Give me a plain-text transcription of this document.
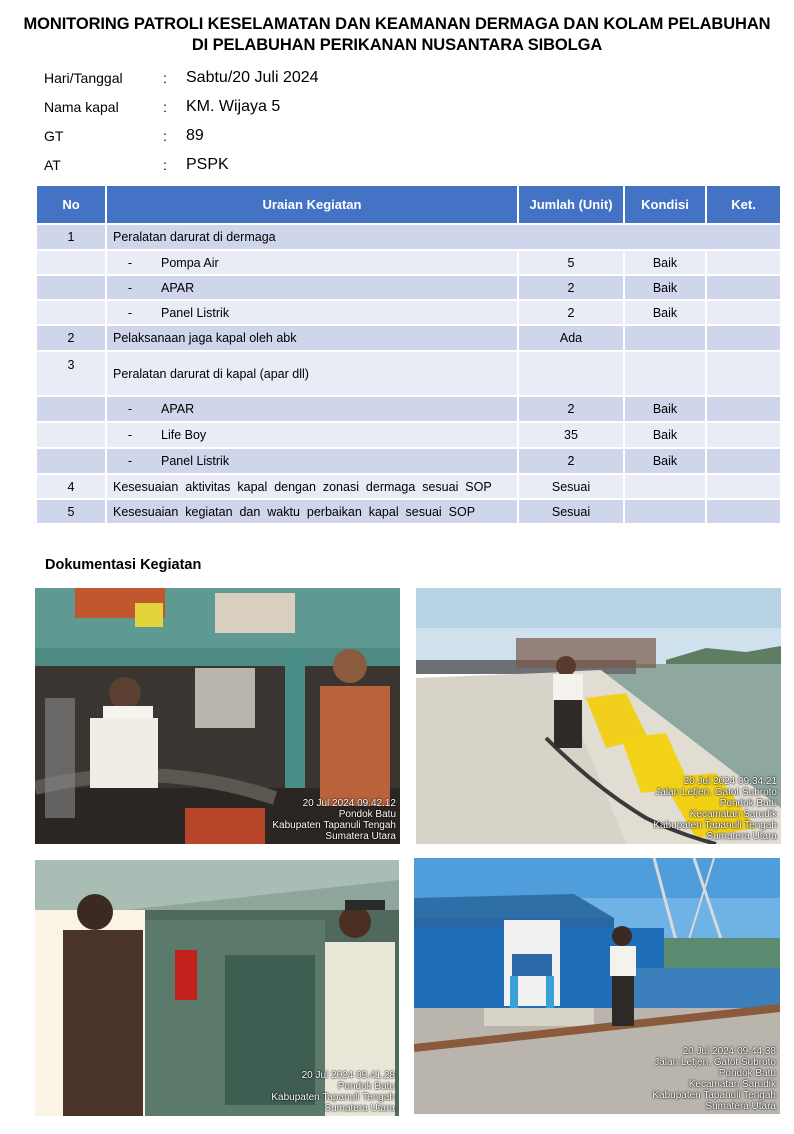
MONITORING PATROLI KESELAMATAN DAN KEAMANAN DERMAGA DAN KOLAM PELABUHAN
DI PELABUHAN PERIKANAN NUSANTARA SIBOLGA
Hari/Tanggal	: Sabtu/20 Juli 2024
Nama kapal	: KM. Wijaya 5
GT	: 89
AT	: PSPK
No	Uraian Kegiatan	Jumlah (Unit)	Kondisi	Ket.
1	Peralatan darurat di dermaga			

	- Pompa Air	5	Baik	

	- APAR	2	Baik	

	- Panel Listrik	2	Baik	
2	Pelaksanaan jaga kapal oleh abk	Ada		
3	Peralatan darurat di kapal (apar dll)			

	- APAR	2	Baik	

	- Life Boy	35	Baik	

	- Panel Listrik	2	Baik	
4	Kesesuaian  aktivitas  kapal  dengan  zonasi  dermaga  sesuai  SOP	Sesuai		
5	Kesesuaian  kegiatan  dan  waktu  perbaikan  kapal  sesuai  SOP	Sesuai		
Dokumentasi Kegiatan
20 Jul 2024 09.42.12
Pondok Batu
Kabupaten Tapanuli Tengah
Sumatera Utara
20 Jul 2024 09.34.21
Jalan Letjen. Gatot Subroto
Pondok Batu
Kecamatan Sarudik
Kabupaten Tapanuli Tengah
Sumatera Utara
20 Jul 2024 09.41.28
Pondok Batu
Kabupaten Tapanuli Tengah
Sumatera Utara
20 Jul 2024 09.44.38
Jalan Letjen. Gatot Subroto
Pondok Batu
Kecamatan Sarudik
Kabupaten Tapanuli Tengah
Sumatera Utara
